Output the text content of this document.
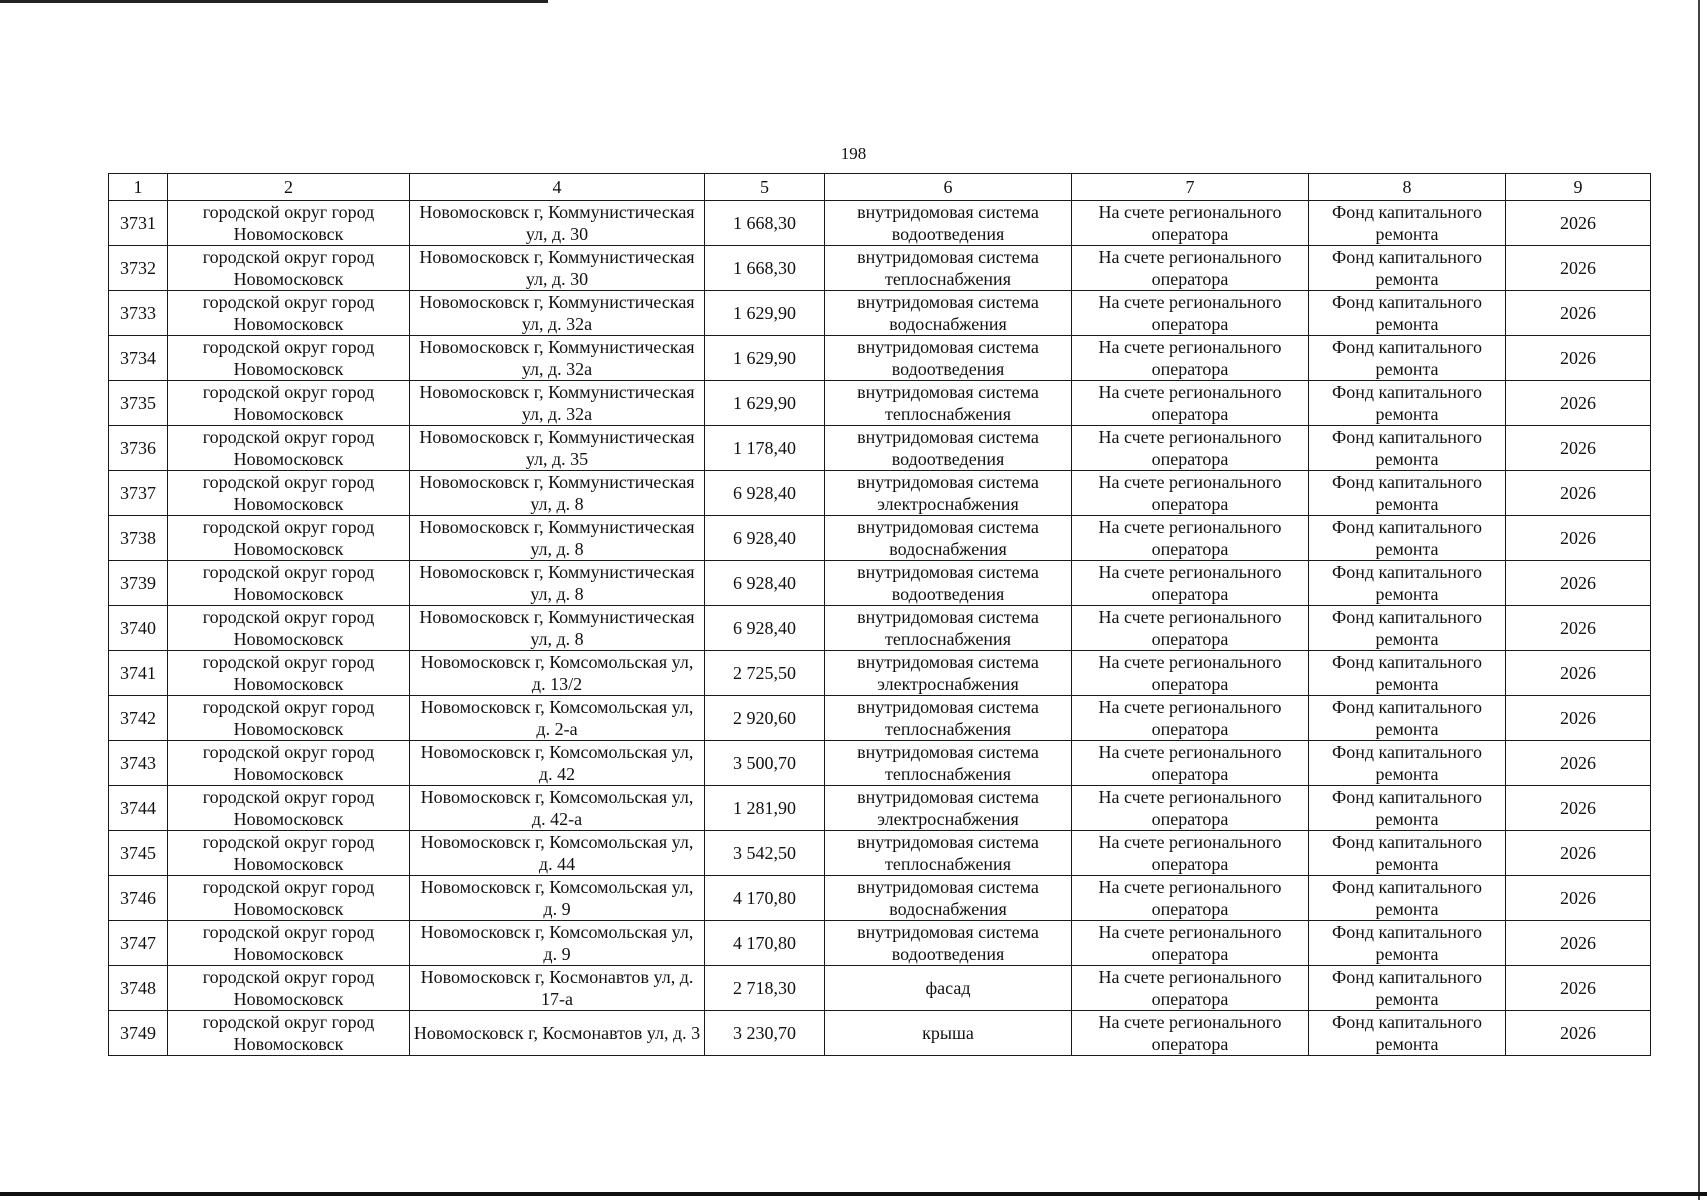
198
1	2	4	5	6	7	8	9
3731	городской округ город Новомосковск	Новомосковск г, Коммунистическая ул, д. 30	1 668,30	внутридомовая система водоотведения	На счете регионального оператора	Фонд капитального ремонта	2026
3732	городской округ город Новомосковск	Новомосковск г, Коммунистическая ул, д. 30	1 668,30	внутридомовая система теплоснабжения	На счете регионального оператора	Фонд капитального ремонта	2026
3733	городской округ город Новомосковск	Новомосковск г, Коммунистическая ул, д. 32а	1 629,90	внутридомовая система водоснабжения	На счете регионального оператора	Фонд капитального ремонта	2026
3734	городской округ город Новомосковск	Новомосковск г, Коммунистическая ул, д. 32а	1 629,90	внутридомовая система водоотведения	На счете регионального оператора	Фонд капитального ремонта	2026
3735	городской округ город Новомосковск	Новомосковск г, Коммунистическая ул, д. 32а	1 629,90	внутридомовая система теплоснабжения	На счете регионального оператора	Фонд капитального ремонта	2026
3736	городской округ город Новомосковск	Новомосковск г, Коммунистическая ул, д. 35	1 178,40	внутридомовая система водоотведения	На счете регионального оператора	Фонд капитального ремонта	2026
3737	городской округ город Новомосковск	Новомосковск г, Коммунистическая ул, д. 8	6 928,40	внутридомовая система электроснабжения	На счете регионального оператора	Фонд капитального ремонта	2026
3738	городской округ город Новомосковск	Новомосковск г, Коммунистическая ул, д. 8	6 928,40	внутридомовая система водоснабжения	На счете регионального оператора	Фонд капитального ремонта	2026
3739	городской округ город Новомосковск	Новомосковск г, Коммунистическая ул, д. 8	6 928,40	внутридомовая система водоотведения	На счете регионального оператора	Фонд капитального ремонта	2026
3740	городской округ город Новомосковск	Новомосковск г, Коммунистическая ул, д. 8	6 928,40	внутридомовая система теплоснабжения	На счете регионального оператора	Фонд капитального ремонта	2026
3741	городской округ город Новомосковск	Новомосковск г, Комсомольская ул, д. 13/2	2 725,50	внутридомовая система электроснабжения	На счете регионального оператора	Фонд капитального ремонта	2026
3742	городской округ город Новомосковск	Новомосковск г, Комсомольская ул, д. 2-а	2 920,60	внутридомовая система теплоснабжения	На счете регионального оператора	Фонд капитального ремонта	2026
3743	городской округ город Новомосковск	Новомосковск г, Комсомольская ул, д. 42	3 500,70	внутридомовая система теплоснабжения	На счете регионального оператора	Фонд капитального ремонта	2026
3744	городской округ город Новомосковск	Новомосковск г, Комсомольская ул, д. 42-а	1 281,90	внутридомовая система электроснабжения	На счете регионального оператора	Фонд капитального ремонта	2026
3745	городской округ город Новомосковск	Новомосковск г, Комсомольская ул, д. 44	3 542,50	внутридомовая система теплоснабжения	На счете регионального оператора	Фонд капитального ремонта	2026
3746	городской округ город Новомосковск	Новомосковск г, Комсомольская ул, д. 9	4 170,80	внутридомовая система водоснабжения	На счете регионального оператора	Фонд капитального ремонта	2026
3747	городской округ город Новомосковск	Новомосковск г, Комсомольская ул, д. 9	4 170,80	внутридомовая система водоотведения	На счете регионального оператора	Фонд капитального ремонта	2026
3748	городской округ город Новомосковск	Новомосковск г, Космонавтов ул, д. 17-а	2 718,30	фасад	На счете регионального оператора	Фонд капитального ремонта	2026
3749	городской округ город Новомосковск	Новомосковск г, Космонавтов ул, д. 3	3 230,70	крыша	На счете регионального оператора	Фонд капитального ремонта	2026
